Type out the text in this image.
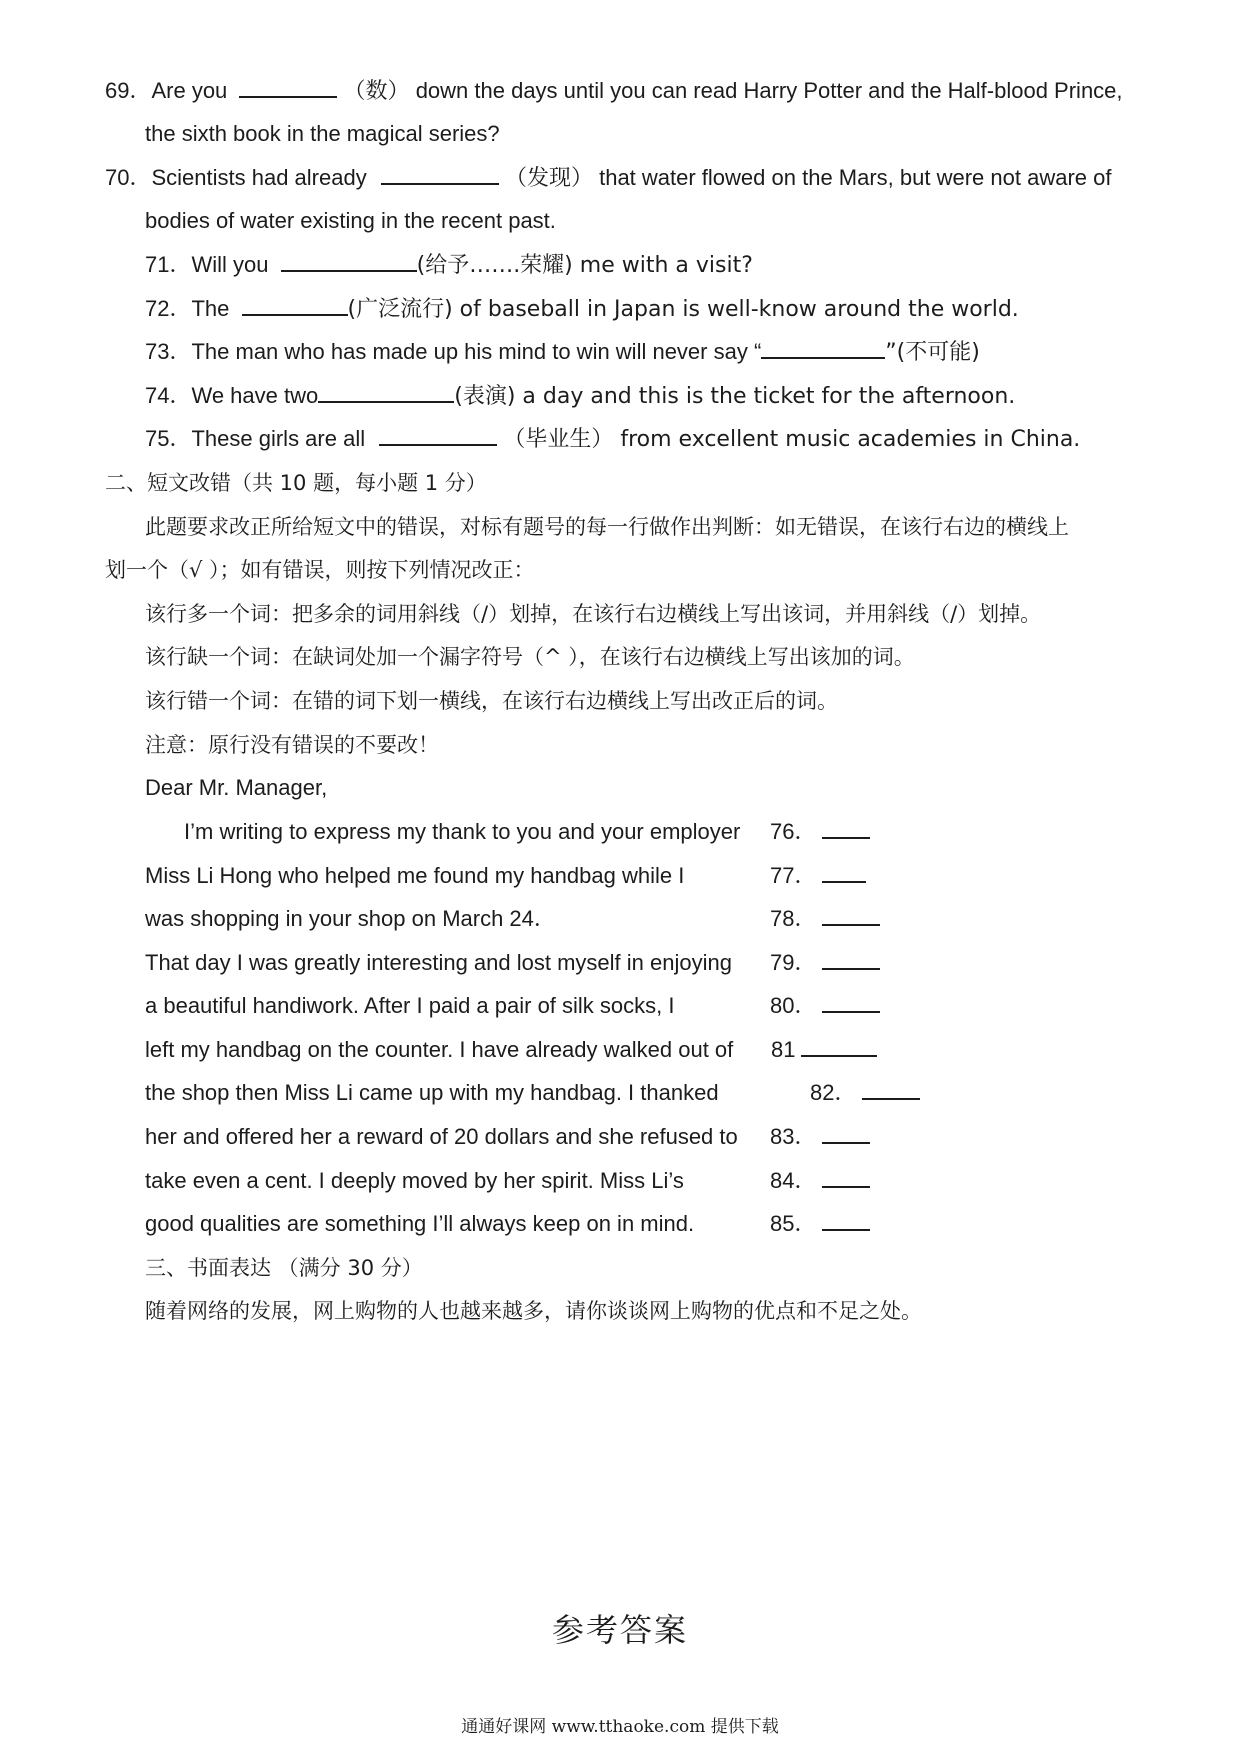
69．Are you	（数） down the days until you can read Harry Potter and the Half-blood Prince,
the sixth book in the magical series?
70．Scientists had already	（发现） that water flowed on the Mars, but were not aware of
bodies of water existing in the recent past.
71．Will you	(给予…….荣耀) me with a visit?
72．The	(广泛流行) of baseball in Japan is well-know around the world.
73．The man who has made up his mind to win will never say “	”(不可能)
74．We have two	(表演) a day and this is the ticket for the afternoon.
75．These girls are all	（毕业生） from excellent music academies in China.
二、短文改错（共 10 题，每小题 1 分）
此题要求改正所给短文中的错误，对标有题号的每一行做作出判断：如无错误，在该行右边的横线上
划一个（√ ）；如有错误，则按下列情况改正：
该行多一个词：把多余的词用斜线（/）划掉，在该行右边横线上写出该词，并用斜线（/）划掉。
该行缺一个词：在缺词处加一个漏字符号（^ ），在该行右边横线上写出该加的词。
该行错一个词：在错的词下划一横线，在该行右边横线上写出改正后的词。
注意：原行没有错误的不要改！
Dear Mr. Manager,
I’m writing to express my thank to you and your employer 76．
Miss Li Hong who helped me found my handbag while I	77．
was shopping in your shop on March 24．	78．
That day I was greatly interesting and lost myself in enjoying 79．
a beautiful handiwork. After I paid a pair of silk socks, I	80．
left my handbag on the counter. I have already walked out of 81
the shop then Miss Li came up with my handbag. I thanked	82．
her and offered her a reward of 20 dollars and she refused to 83．
take even a cent. I deeply moved by her spirit. Miss Li’s	84．
good qualities are something I’ll always keep on in mind.	85．
三、书面表达 （满分 30 分）
随着网络的发展，网上购物的人也越来越多，请你谈谈网上购物的优点和不足之处。
参考答案
通通好课网 www.tthaoke.com 提供下载
